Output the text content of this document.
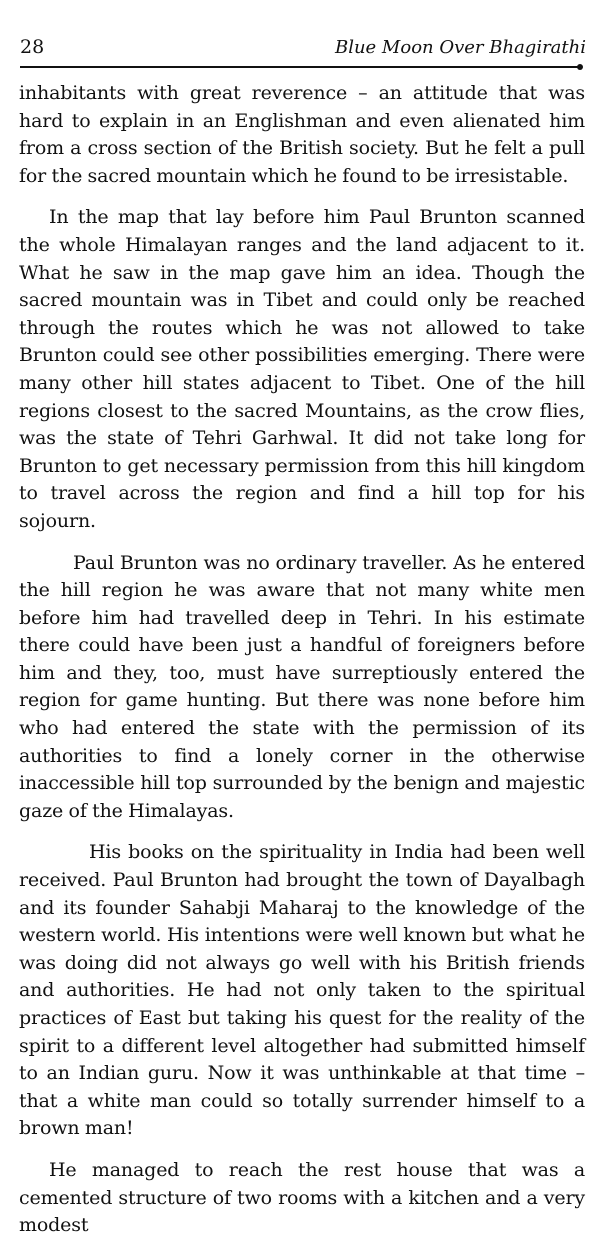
28	Blue Moon Over Bhagirathi

inhabitants with great reverence – an attitude that was hard to explain in an Englishman and even alienated him from a cross section of the British society. But he felt a pull for the sacred mountain which he found to be irresistable.

In the map that lay before him Paul Brunton scanned the whole Himalayan ranges and the land adjacent to it. What he saw in the map gave him an idea. Though the sacred mountain was in Tibet and could only be reached through the routes which he was not allowed to take Brunton could see other possibilities emerging. There were many other hill states adjacent to Tibet. One of the hill regions closest to the sacred Mountains, as the crow flies, was the state of Tehri Garhwal. It did not take long for Brunton to get necessary permission from this hill kingdom to travel across the region and find a hill top for his sojourn.

Paul Brunton was no ordinary traveller. As he entered the hill region he was aware that not many white men before him had travelled deep in Tehri. In his estimate there could have been just a handful of foreigners before him and they, too, must have surreptiously entered the region for game hunting. But there was none before him who had entered the state with the permission of its authorities to find a lonely corner in the otherwise inaccessible hill top surrounded by the benign and majestic gaze of the Himalayas.

His books on the spirituality in India had been well received. Paul Brunton had brought the town of Dayalbagh and its founder Sahabji Maharaj to the knowledge of the western world. His intentions were well known but what he was doing did not always go well with his British friends and authorities. He had not only taken to the spiritual practices of East but taking his quest for the reality of the spirit to a different level altogether had submitted himself to an Indian guru. Now it was unthinkable at that time – that a white man could so totally surrender himself to a brown man!

He managed to reach the rest house that was a cemented structure of two rooms with a kitchen and a very modest
